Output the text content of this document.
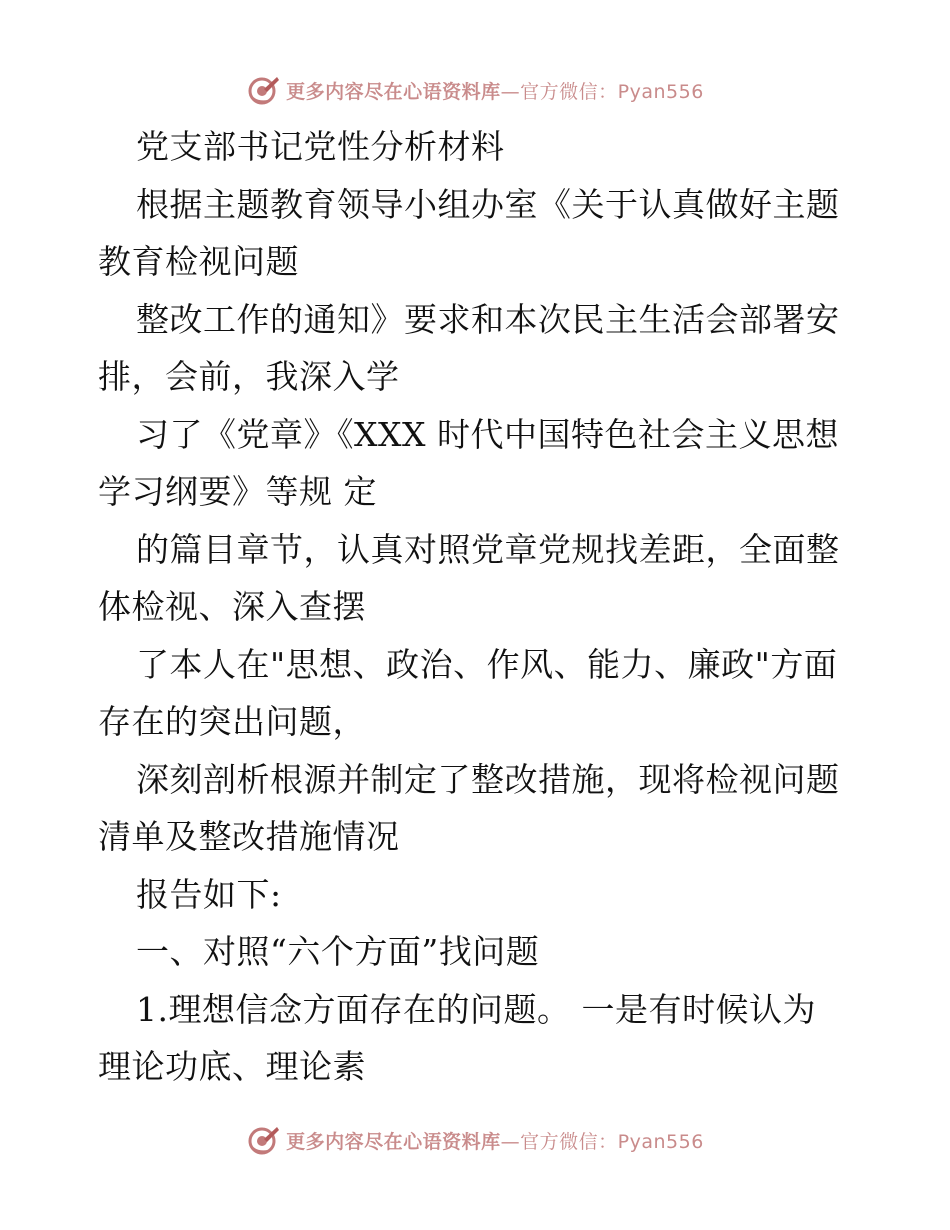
更多内容尽在心语资料库—官方微信：Pyan556
党支部书记党性分析材料
根据主题教育领导小组办室《关于认真做好主题
教育检视问题
整改工作的通知》要求和本次民主生活会部署安
排，会前，我深入学
习了《党章》《XXX 时代中国特色社会主义思想
学习纲要》等规 定
的篇目章节，认真对照党章党规找差距，全面整
体检视、深入查摆
了本人在"思想、政治、作风、能力、廉政"方面
存在的突出问题，
深刻剖析根源并制定了整改措施，现将检视问题
清单及整改措施情况
报告如下:
一、对照“六个方面”找问题
1.理想信念方面存在的问题。 一是有时候认为
理论功底、理论素
更多内容尽在心语资料库—官方微信：Pyan556
